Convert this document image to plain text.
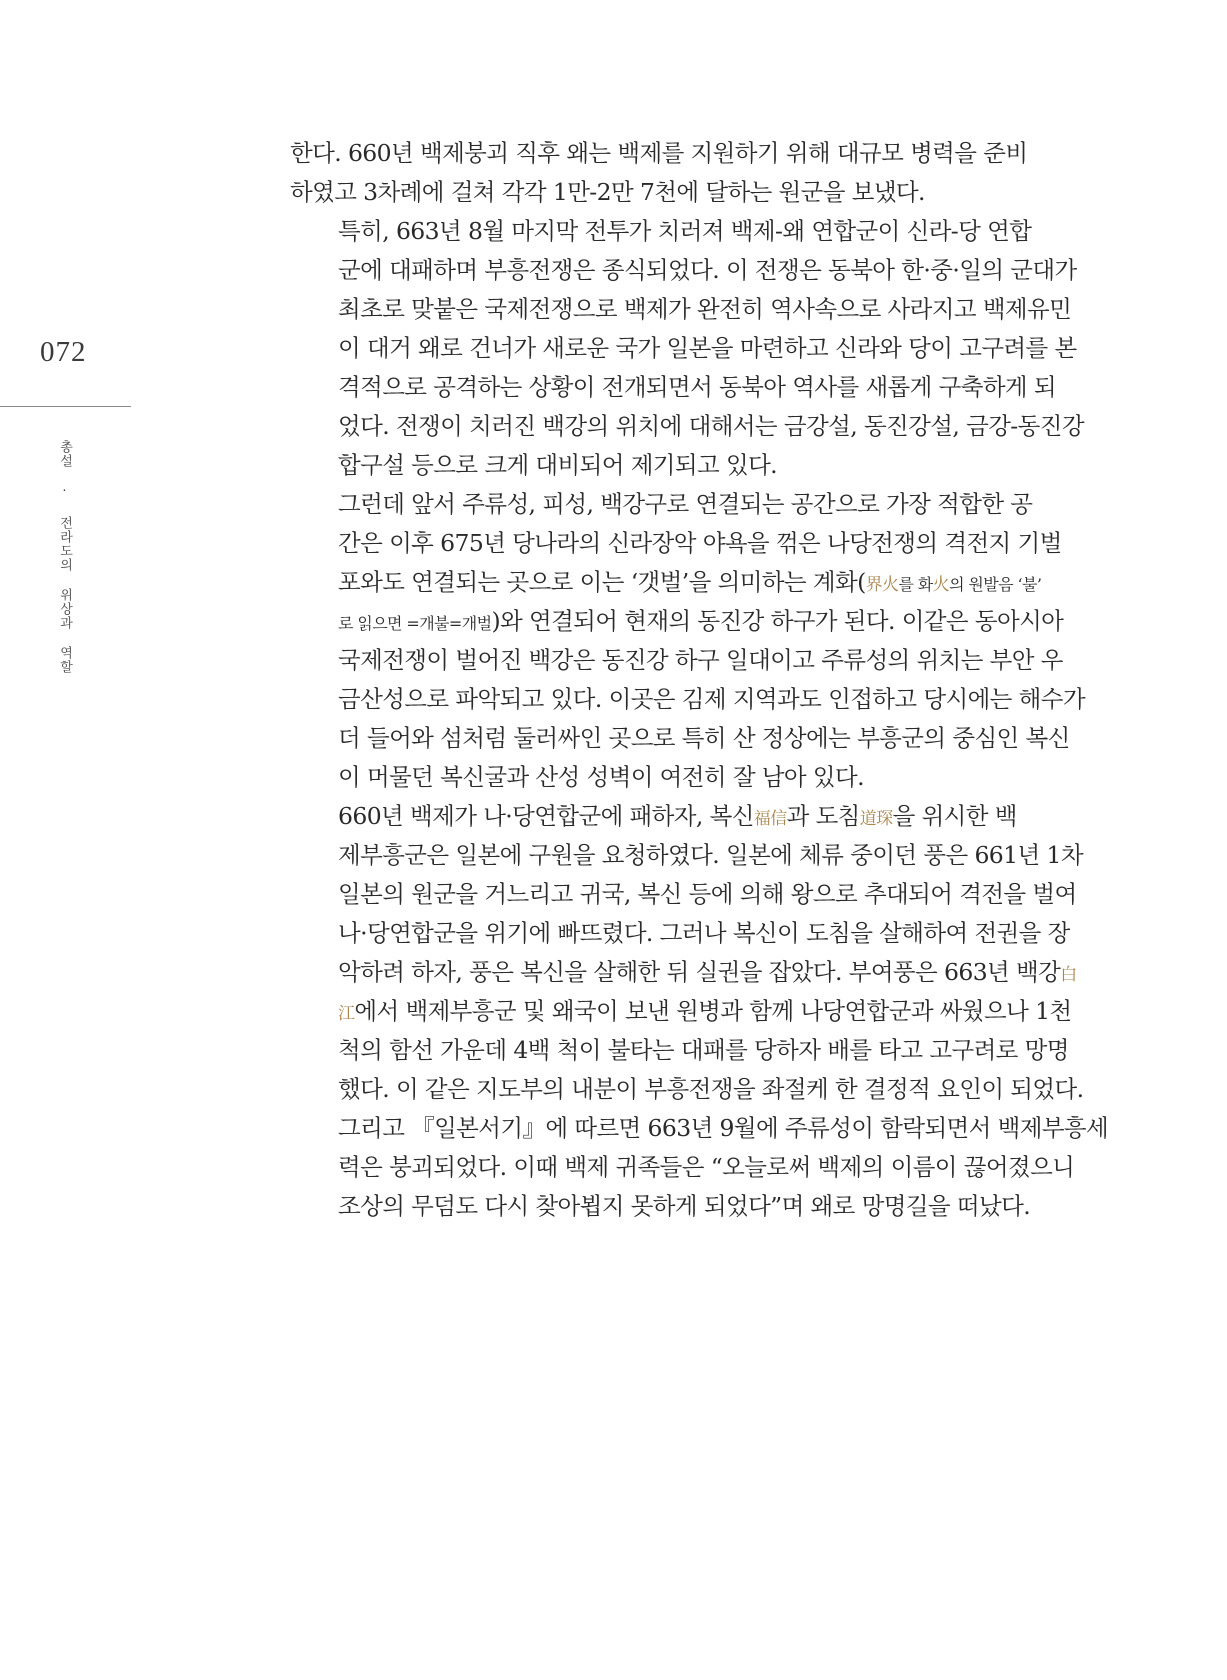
072
총설 · 전라도의 위상과 역할
한다. 660년 백제붕괴 직후 왜는 백제를 지원하기 위해 대규모 병력을 준비
하였고 3차례에 걸쳐 각각 1만-2만 7천에 달하는 원군을 보냈다.
특히, 663년 8월 마지막 전투가 치러져 백제-왜 연합군이 신라-당 연합
군에 대패하며 부흥전쟁은 종식되었다. 이 전쟁은 동북아 한·중·일의 군대가
최초로 맞붙은 국제전쟁으로 백제가 완전히 역사속으로 사라지고 백제유민
이 대거 왜로 건너가 새로운 국가 일본을 마련하고 신라와 당이 고구려를 본
격적으로 공격하는 상황이 전개되면서 동북아 역사를 새롭게 구축하게 되
었다. 전쟁이 치러진 백강의 위치에 대해서는 금강설, 동진강설, 금강-동진강
합구설 등으로 크게 대비되어 제기되고 있다.
그런데 앞서 주류성, 피성, 백강구로 연결되는 공간으로 가장 적합한 공
간은 이후 675년 당나라의 신라장악 야욕을 꺾은 나당전쟁의 격전지 기벌
포와도 연결되는 곳으로 이는 ‘갯벌’을 의미하는 계화(界火를 화火의 원발음 ‘불’
로 읽으면 =개불=개벌)와 연결되어 현재의 동진강 하구가 된다. 이같은 동아시아
국제전쟁이 벌어진 백강은 동진강 하구 일대이고 주류성의 위치는 부안 우
금산성으로 파악되고 있다. 이곳은 김제 지역과도 인접하고 당시에는 해수가
더 들어와 섬처럼 둘러싸인 곳으로 특히 산 정상에는 부흥군의 중심인 복신
이 머물던 복신굴과 산성 성벽이 여전히 잘 남아 있다.
660년 백제가 나·당연합군에 패하자, 복신福信과 도침道琛을 위시한 백
제부흥군은 일본에 구원을 요청하였다. 일본에 체류 중이던 풍은 661년 1차
일본의 원군을 거느리고 귀국, 복신 등에 의해 왕으로 추대되어 격전을 벌여
나·당연합군을 위기에 빠뜨렸다. 그러나 복신이 도침을 살해하여 전권을 장
악하려 하자, 풍은 복신을 살해한 뒤 실권을 잡았다. 부여풍은 663년 백강白
江에서 백제부흥군 및 왜국이 보낸 원병과 함께 나당연합군과 싸웠으나 1천
척의 함선 가운데 4백 척이 불타는 대패를 당하자 배를 타고 고구려로 망명
했다. 이 같은 지도부의 내분이 부흥전쟁을 좌절케 한 결정적 요인이 되었다.
그리고 『일본서기』에 따르면 663년 9월에 주류성이 함락되면서 백제부흥세
력은 붕괴되었다. 이때 백제 귀족들은 “오늘로써 백제의 이름이 끊어졌으니
조상의 무덤도 다시 찾아뵙지 못하게 되었다”며 왜로 망명길을 떠났다.
